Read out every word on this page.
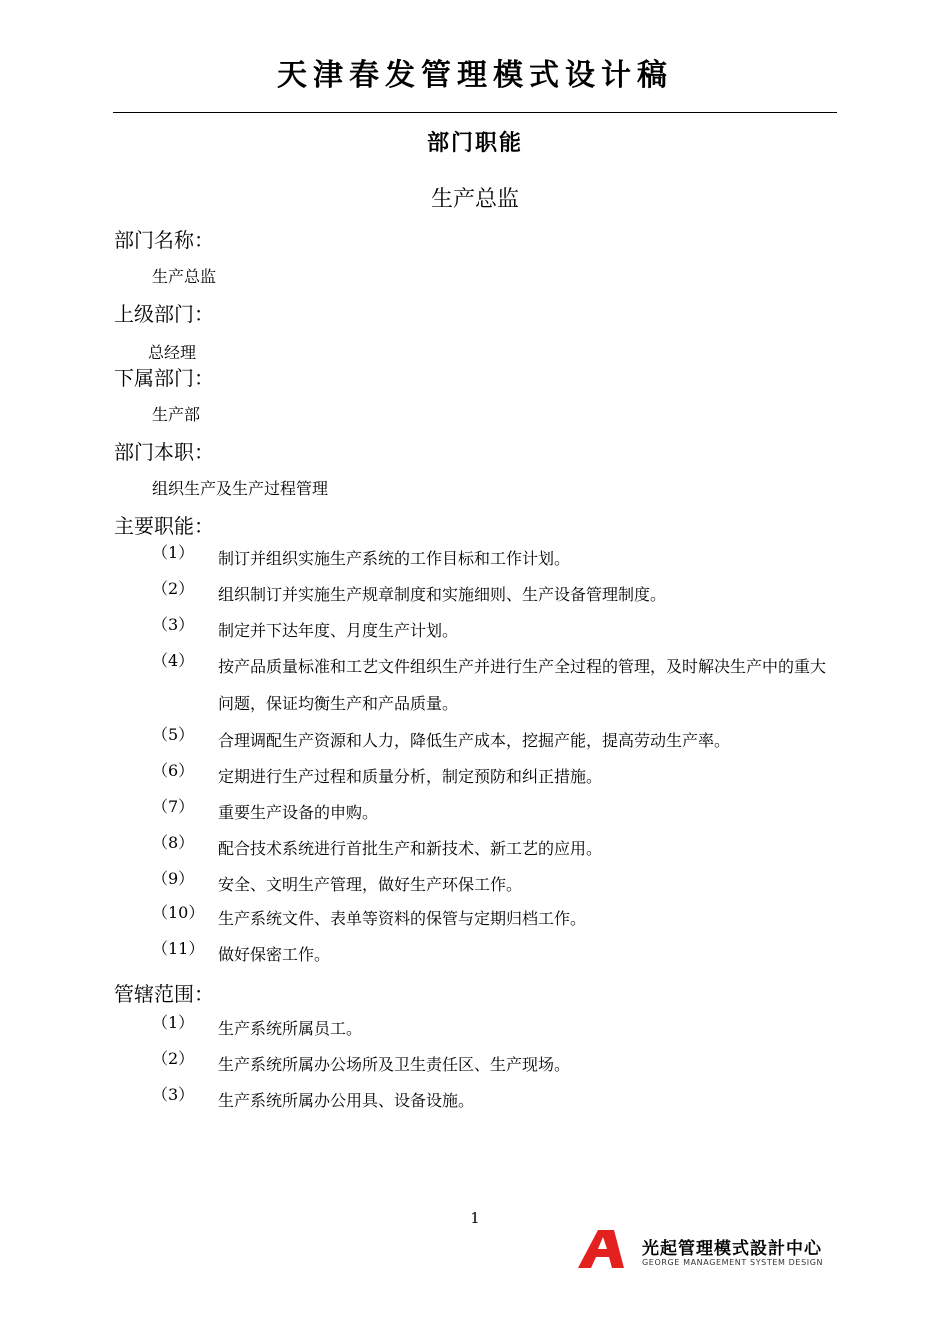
天津春发管理模式设计稿
部门职能
生产总监
部门名称：
生产总监
上级部门：
总经理
下属部门：
生产部
部门本职：
组织生产及生产过程管理
主要职能：
（1）	制订并组织实施生产系统的工作目标和工作计划。
（2）	组织制订并实施生产规章制度和实施细则、生产设备管理制度。
（3）	制定并下达年度、月度生产计划。
（4）	按产品质量标准和工艺文件组织生产并进行生产全过程的管理，及时解决生产中的重大问题，保证均衡生产和产品质量。
（5）	合理调配生产资源和人力，降低生产成本，挖掘产能，提高劳动生产率。
（6）	定期进行生产过程和质量分析，制定预防和纠正措施。
（7）	重要生产设备的申购。
（8）	配合技术系统进行首批生产和新技术、新工艺的应用。
（9）	安全、文明生产管理，做好生产环保工作。
（10） 生产系统文件、表单等资料的保管与定期归档工作。
（11） 做好保密工作。
管辖范围：
（1）	生产系统所属员工。
（2）	生产系统所属办公场所及卫生责任区、生产现场。
（3）	生产系统所属办公用具、设备设施。
1
光起管理模式設計中心
GEORGE MANAGEMENT SYSTEM DESIGN
